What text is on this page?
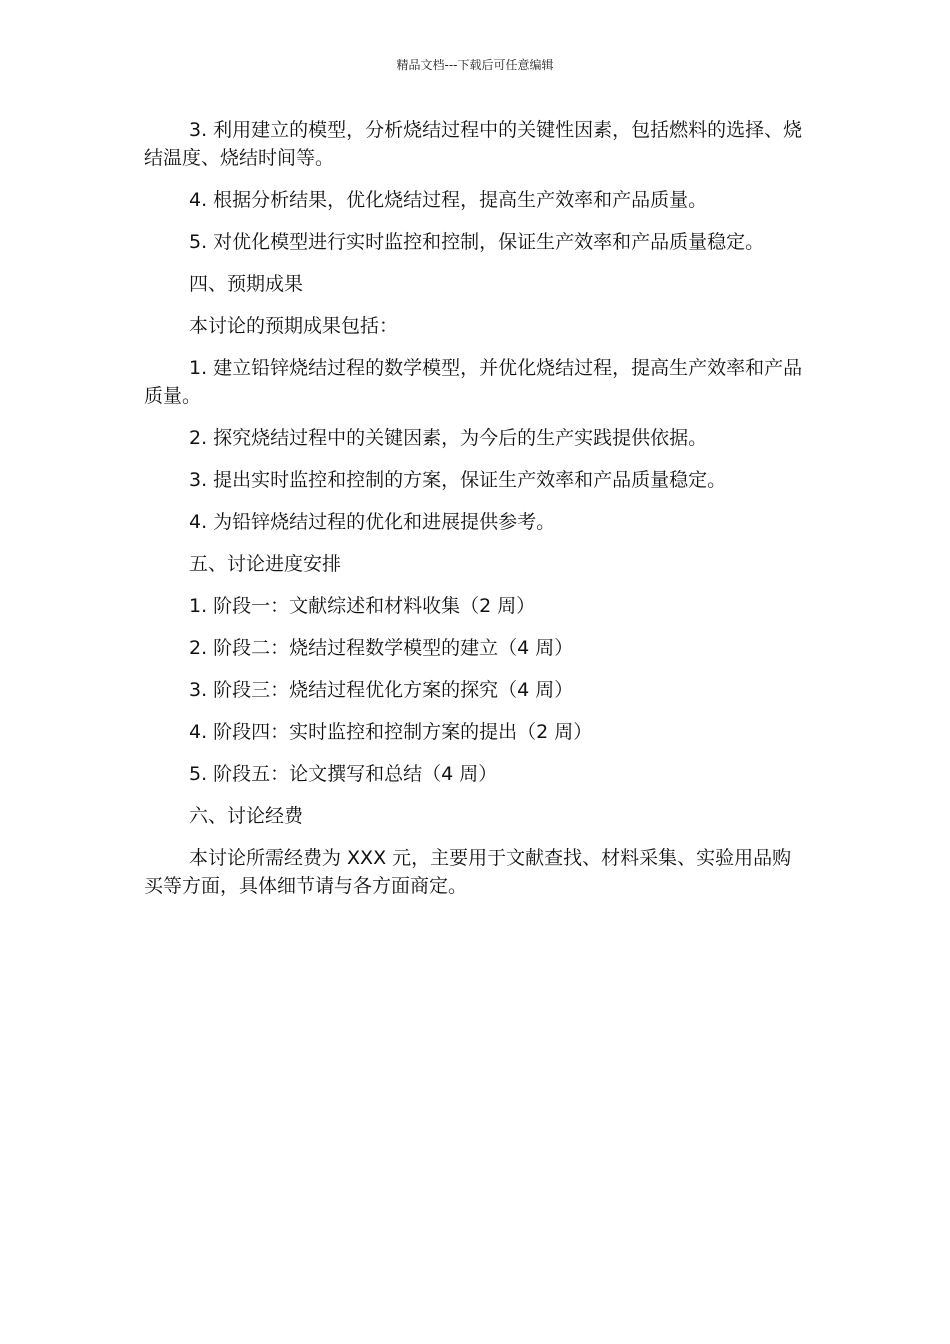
精品文档---下载后可任意编辑

3. 利用建立的模型，分析烧结过程中的关键性因素，包括燃料的选择、烧结温度、烧结时间等。

4. 根据分析结果，优化烧结过程，提高生产效率和产品质量。

5. 对优化模型进行实时监控和控制，保证生产效率和产品质量稳定。

四、预期成果

本讨论的预期成果包括：

1. 建立铅锌烧结过程的数学模型，并优化烧结过程，提高生产效率和产品质量。

2. 探究烧结过程中的关键因素，为今后的生产实践提供依据。

3. 提出实时监控和控制的方案，保证生产效率和产品质量稳定。

4. 为铅锌烧结过程的优化和进展提供参考。

五、讨论进度安排

1. 阶段一：文献综述和材料收集（2 周）

2. 阶段二：烧结过程数学模型的建立（4 周）

3. 阶段三：烧结过程优化方案的探究（4 周）

4. 阶段四：实时监控和控制方案的提出（2 周）

5. 阶段五：论文撰写和总结（4 周）

六、讨论经费

本讨论所需经费为 XXX 元，主要用于文献查找、材料采集、实验用品购买等方面，具体细节请与各方面商定。
